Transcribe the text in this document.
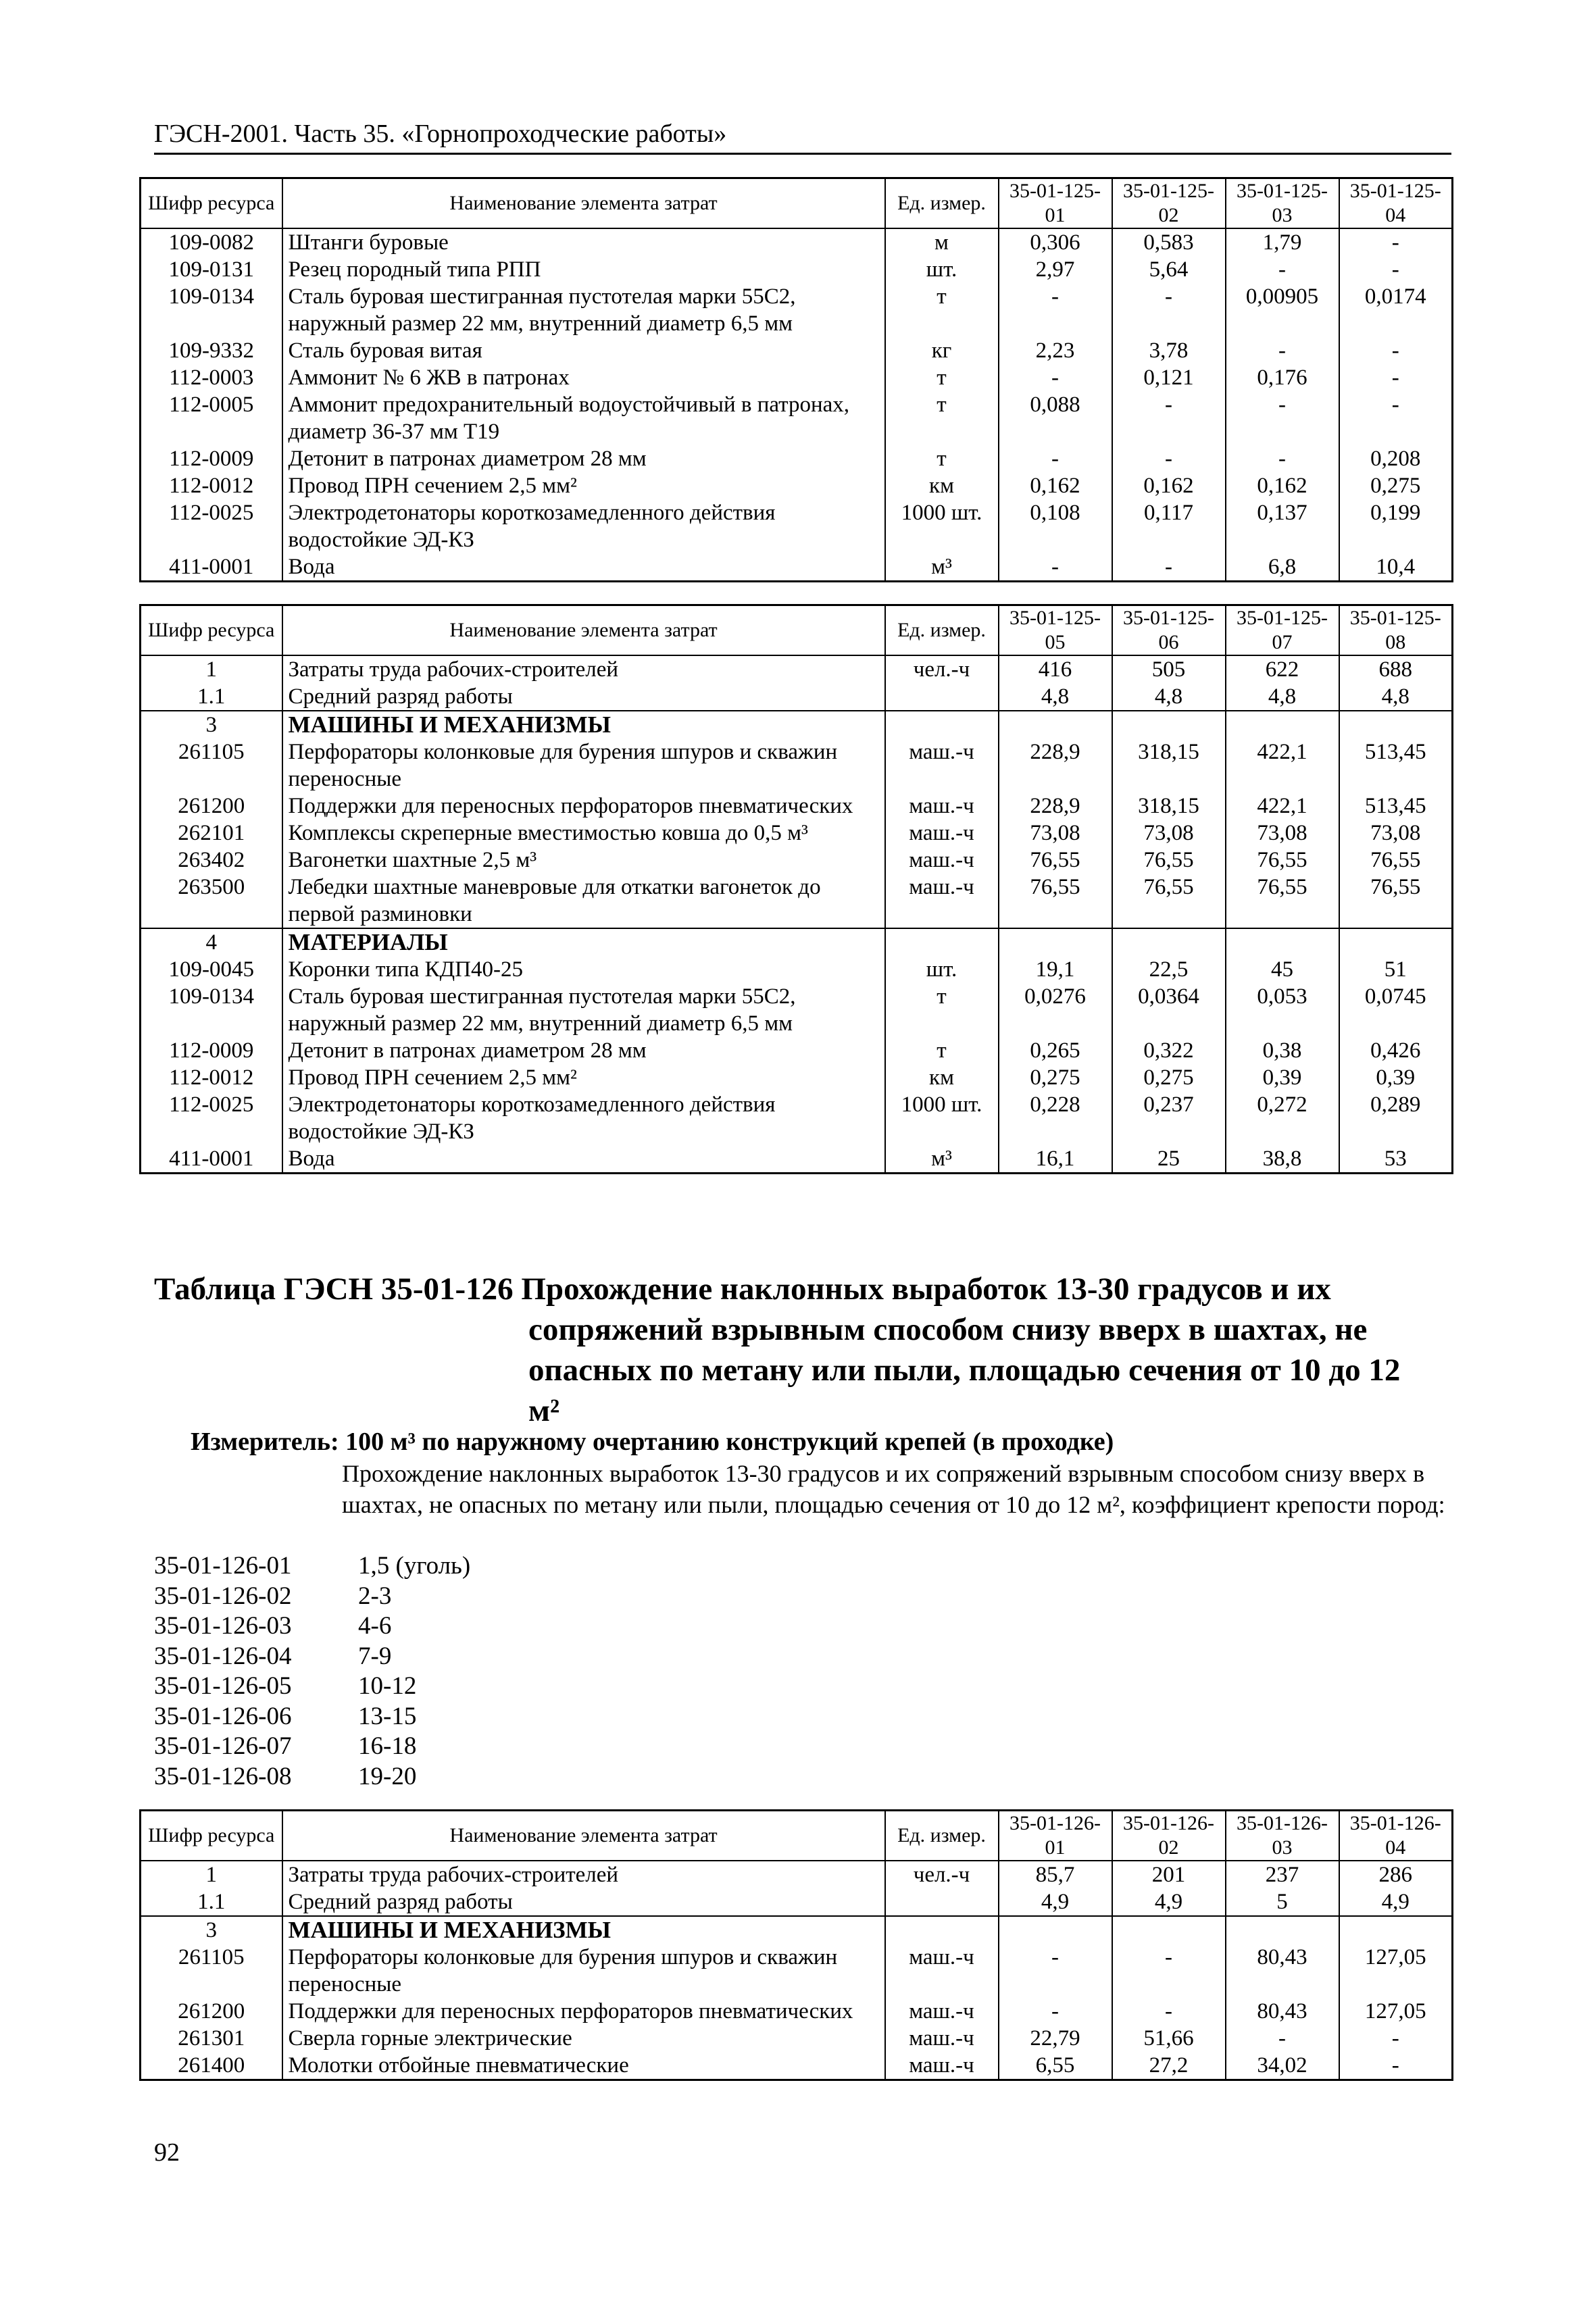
ГЭСН-2001. Часть 35. «Горнопроходческие работы»
Шифр ресурса	Наименование элемента затрат	Ед. измер.	35-01-125-01	35-01-125-02	35-01-125-03	35-01-125-04
109-0082	Штанги буровые	м	0,306	0,583	1,79	-
109-0131	Резец породный типа РПП	шт.	2,97	5,64	-	-
109-0134	Сталь буровая шестигранная пустотелая марки 55С2, наружный размер 22 мм, внутренний диаметр 6,5 мм	т	-	-	0,00905	0,0174
109-9332	Сталь буровая витая	кг	2,23	3,78	-	-
112-0003	Аммонит № 6 ЖВ в патронах	т	-	0,121	0,176	-
112-0005	Аммонит предохранительный водоустойчивый в патронах, диаметр 36-37 мм Т19	т	0,088	-	-	-
112-0009	Детонит в патронах диаметром 28 мм	т	-	-	-	0,208
112-0012	Провод ПРН сечением 2,5 мм²	км	0,162	0,162	0,162	0,275
112-0025	Электродетонаторы короткозамедленного действия водостойкие ЭД-КЗ	1000 шт.	0,108	0,117	0,137	0,199
411-0001	Вода	м³	-	-	6,8	10,4
Шифр ресурса	Наименование элемента затрат	Ед. измер.	35-01-125-05	35-01-125-06	35-01-125-07	35-01-125-08
1	Затраты труда рабочих-строителей	чел.-ч	416	505	622	688
1.1	Средний разряд работы		4,8	4,8	4,8	4,8
3	МАШИНЫ И МЕХАНИЗМЫ					
261105	Перфораторы колонковые для бурения шпуров и скважин переносные	маш.-ч	228,9	318,15	422,1	513,45
261200	Поддержки для переносных перфораторов пневматических	маш.-ч	228,9	318,15	422,1	513,45
262101	Комплексы скреперные вместимостью ковша до 0,5 м³	маш.-ч	73,08	73,08	73,08	73,08
263402	Вагонетки шахтные 2,5 м³	маш.-ч	76,55	76,55	76,55	76,55
263500	Лебедки шахтные маневровые для откатки вагонеток до первой разминовки	маш.-ч	76,55	76,55	76,55	76,55
4	МАТЕРИАЛЫ					
109-0045	Коронки типа КДП40-25	шт.	19,1	22,5	45	51
109-0134	Сталь буровая шестигранная пустотелая марки 55С2, наружный размер 22 мм, внутренний диаметр 6,5 мм	т	0,0276	0,0364	0,053	0,0745
112-0009	Детонит в патронах диаметром 28 мм	т	0,265	0,322	0,38	0,426
112-0012	Провод ПРН сечением 2,5 мм²	км	0,275	0,275	0,39	0,39
112-0025	Электродетонаторы короткозамедленного действия водостойкие ЭД-КЗ	1000 шт.	0,228	0,237	0,272	0,289
411-0001	Вода	м³	16,1	25	38,8	53
Таблица ГЭСН 35-01-126 Прохождение наклонных выработок 13-30 градусов и их
сопряжений взрывным способом снизу вверх в шахтах, не
опасных по метану или пыли, площадью сечения от 10 до 12
м²
Измеритель: 100 м³ по наружному очертанию конструкций крепей (в проходке)
Прохождение наклонных выработок 13-30 градусов и их сопряжений взрывным способом снизу вверх в шахтах, не опасных по метану или пыли, площадью сечения от 10 до 12 м², коэффициент крепости пород:
35-01-126-01	1,5 (уголь)
35-01-126-02	2-3
35-01-126-03	4-6
35-01-126-04	7-9
35-01-126-05	10-12
35-01-126-06	13-15
35-01-126-07	16-18
35-01-126-08	19-20
Шифр ресурса	Наименование элемента затрат	Ед. измер.	35-01-126-01	35-01-126-02	35-01-126-03	35-01-126-04
1	Затраты труда рабочих-строителей	чел.-ч	85,7	201	237	286
1.1	Средний разряд работы		4,9	4,9	5	4,9
3	МАШИНЫ И МЕХАНИЗМЫ					
261105	Перфораторы колонковые для бурения шпуров и скважин переносные	маш.-ч	-	-	80,43	127,05
261200	Поддержки для переносных перфораторов пневматических	маш.-ч	-	-	80,43	127,05
261301	Сверла горные электрические	маш.-ч	22,79	51,66	-	-
261400	Молотки отбойные пневматические	маш.-ч	6,55	27,2	34,02	-
92
